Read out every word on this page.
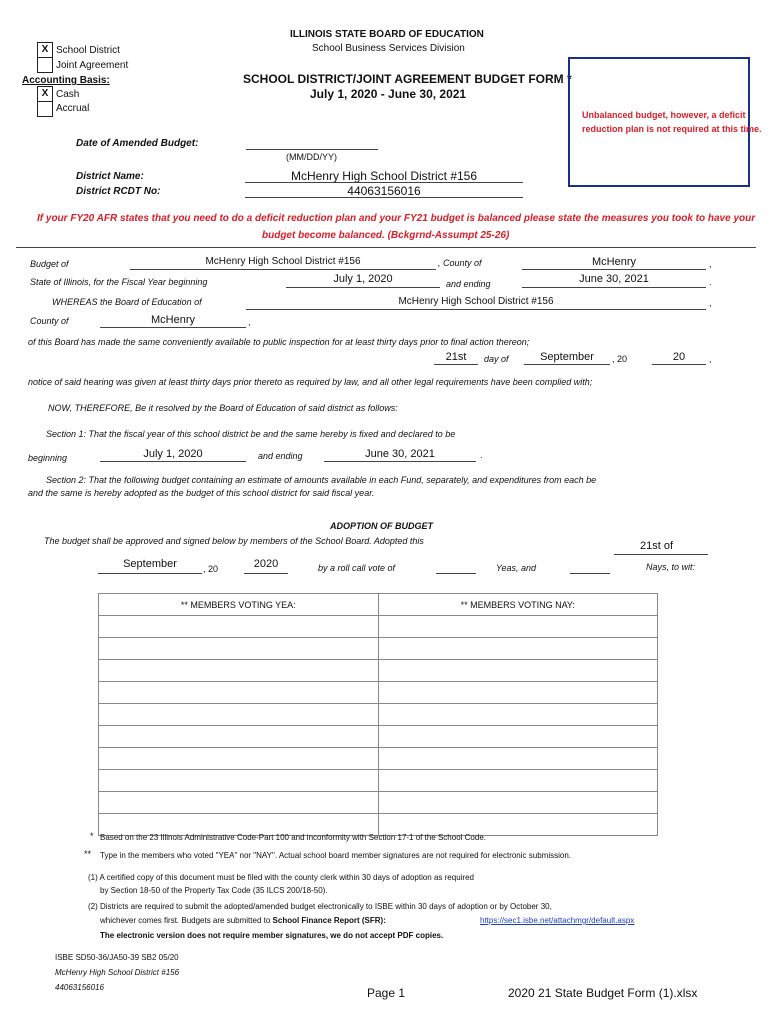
ILLINOIS STATE BOARD OF EDUCATION
School Business Services Division
SCHOOL DISTRICT/JOINT AGREEMENT BUDGET FORM *
July 1, 2020 - June 30, 2021
X School District
Joint Agreement
Accounting Basis:
X Cash
Accrual
Unbalanced budget, however, a deficit
reduction plan is not required at this time.
Date of Amended Budget:
(MM/DD/YY)
District Name:	McHenry High School District #156
District RCDT No:	44063156016
If your FY20 AFR states that you need to do a deficit reduction plan and your FY21 budget is balanced please state the measures you took to have your
budget become balanced. (Bckgrnd-Assumpt 25-26)
Budget of	McHenry High School District #156	, County of	McHenry	,
State of Illinois, for the Fiscal Year beginning	July 1, 2020	and ending	June 30, 2021	.
WHEREAS the Board of Education of	McHenry High School District #156	,
County of	McHenry	,
of this Board has made the same conveniently available to public inspection for at least thirty days prior to final action thereon;
21st	day of	September	, 20	20	,
notice of said hearing was given at least thirty days prior thereto as required by law, and all other legal requirements have been complied with;
NOW, THEREFORE, Be it resolved by the Board of Education of said district as follows:
Section 1: That the fiscal year of this school district be and the same hereby is fixed and declared to be
beginning	July 1, 2020	and ending	June 30, 2021	.
Section 2: That the following budget containing an estimate of amounts available in each Fund, separately, and expenditures from each be
and the same is hereby adopted as the budget of this school district for said fiscal year.
ADOPTION OF BUDGET
The budget shall be approved and signed below by members of the School Board. Adopted this	21st of
September	, 20	2020	by a roll call vote of	Yeas, and	Nays, to wit:
** MEMBERS VOTING YEA:	** MEMBERS VOTING NAY:

* Based on the 23 Illinois Administrative Code-Part 100 and inconformity with Section 17-1 of the School Code.
** Type in the members who voted "YEA" nor "NAY". Actual school board member signatures are not required for electronic submission.
(1) A certified copy of this document must be filed with the county clerk within 30 days of adoption as required
by Section 18-50 of the Property Tax Code (35 ILCS 200/18-50).
(2) Districts are required to submit the adopted/amended budget electronically to ISBE within 30 days of adoption or by October 30,
whichever comes first. Budgets are submitted to School Finance Report (SFR):	https://sec1.isbe.net/attachmgr/default.aspx
The electronic version does not require member signatures, we do not accept PDF copies.
ISBE SD50-36/JA50-39 SB2 05/20
McHenry High School District #156
44063156016	Page 1	2020 21 State Budget Form (1).xlsx
